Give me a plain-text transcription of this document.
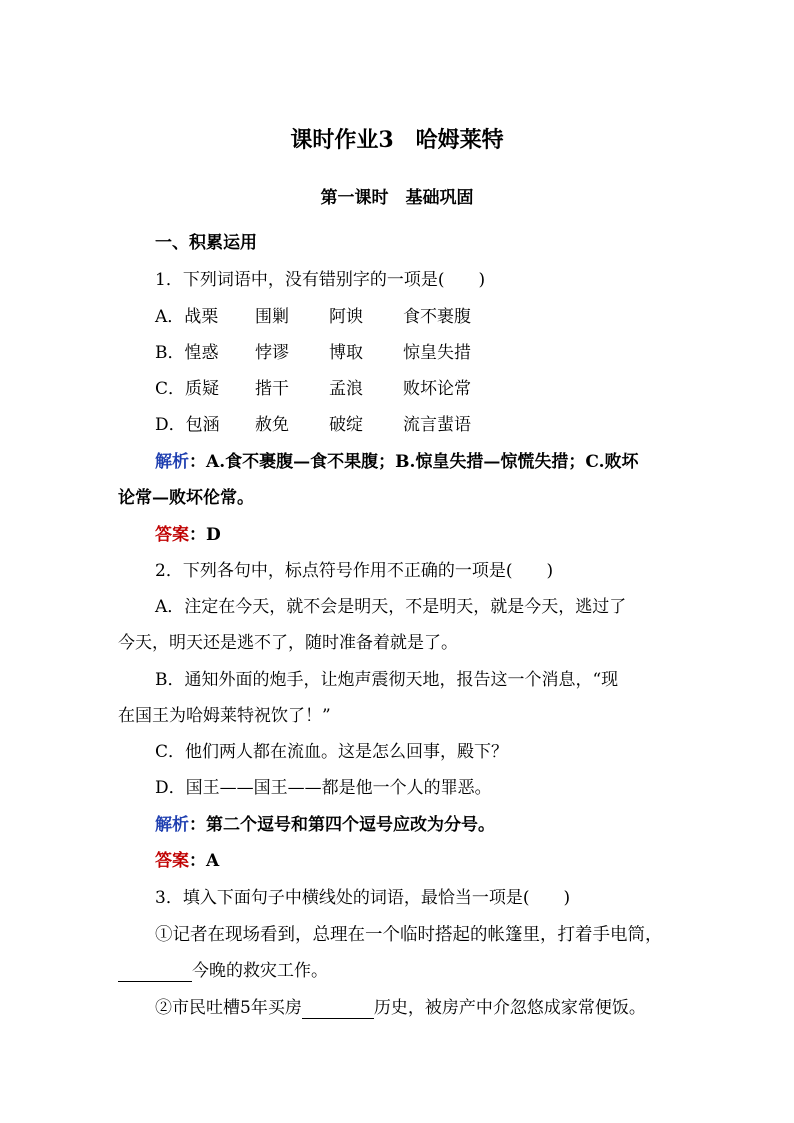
课时作业3　哈姆莱特
第一课时　基础巩固
一、积累运用
1．下列词语中，没有错别字的一项是(　　)
A．战栗 围剿 阿谀 食不裹腹
B．惶惑 悖谬 博取 惊皇失措
C．质疑 揩干 孟浪 败坏论常
D．包涵 赦免 破绽 流言蜚语
解析：A.食不裹腹—食不果腹；B.惊皇失措—惊慌失措；C.败坏
论常—败坏伦常。
答案：D
2．下列各句中，标点符号作用不正确的一项是(　　)
A．注定在今天，就不会是明天，不是明天，就是今天，逃过了
今天，明天还是逃不了，随时准备着就是了。
B．通知外面的炮手，让炮声震彻天地，报告这一个消息，“现
在国王为哈姆莱特祝饮了！”
C．他们两人都在流血。这是怎么回事，殿下？
D．国王——国王——都是他一个人的罪恶。
解析：第二个逗号和第四个逗号应改为分号。
答案：A
3．填入下面句子中横线处的词语，最恰当一项是(　　)
①记者在现场看到，总理在一个临时搭起的帐篷里，打着手电筒，
今晚的救灾工作。
②市民吐槽5年买房	历史，被房产中介忽悠成家常便饭。
